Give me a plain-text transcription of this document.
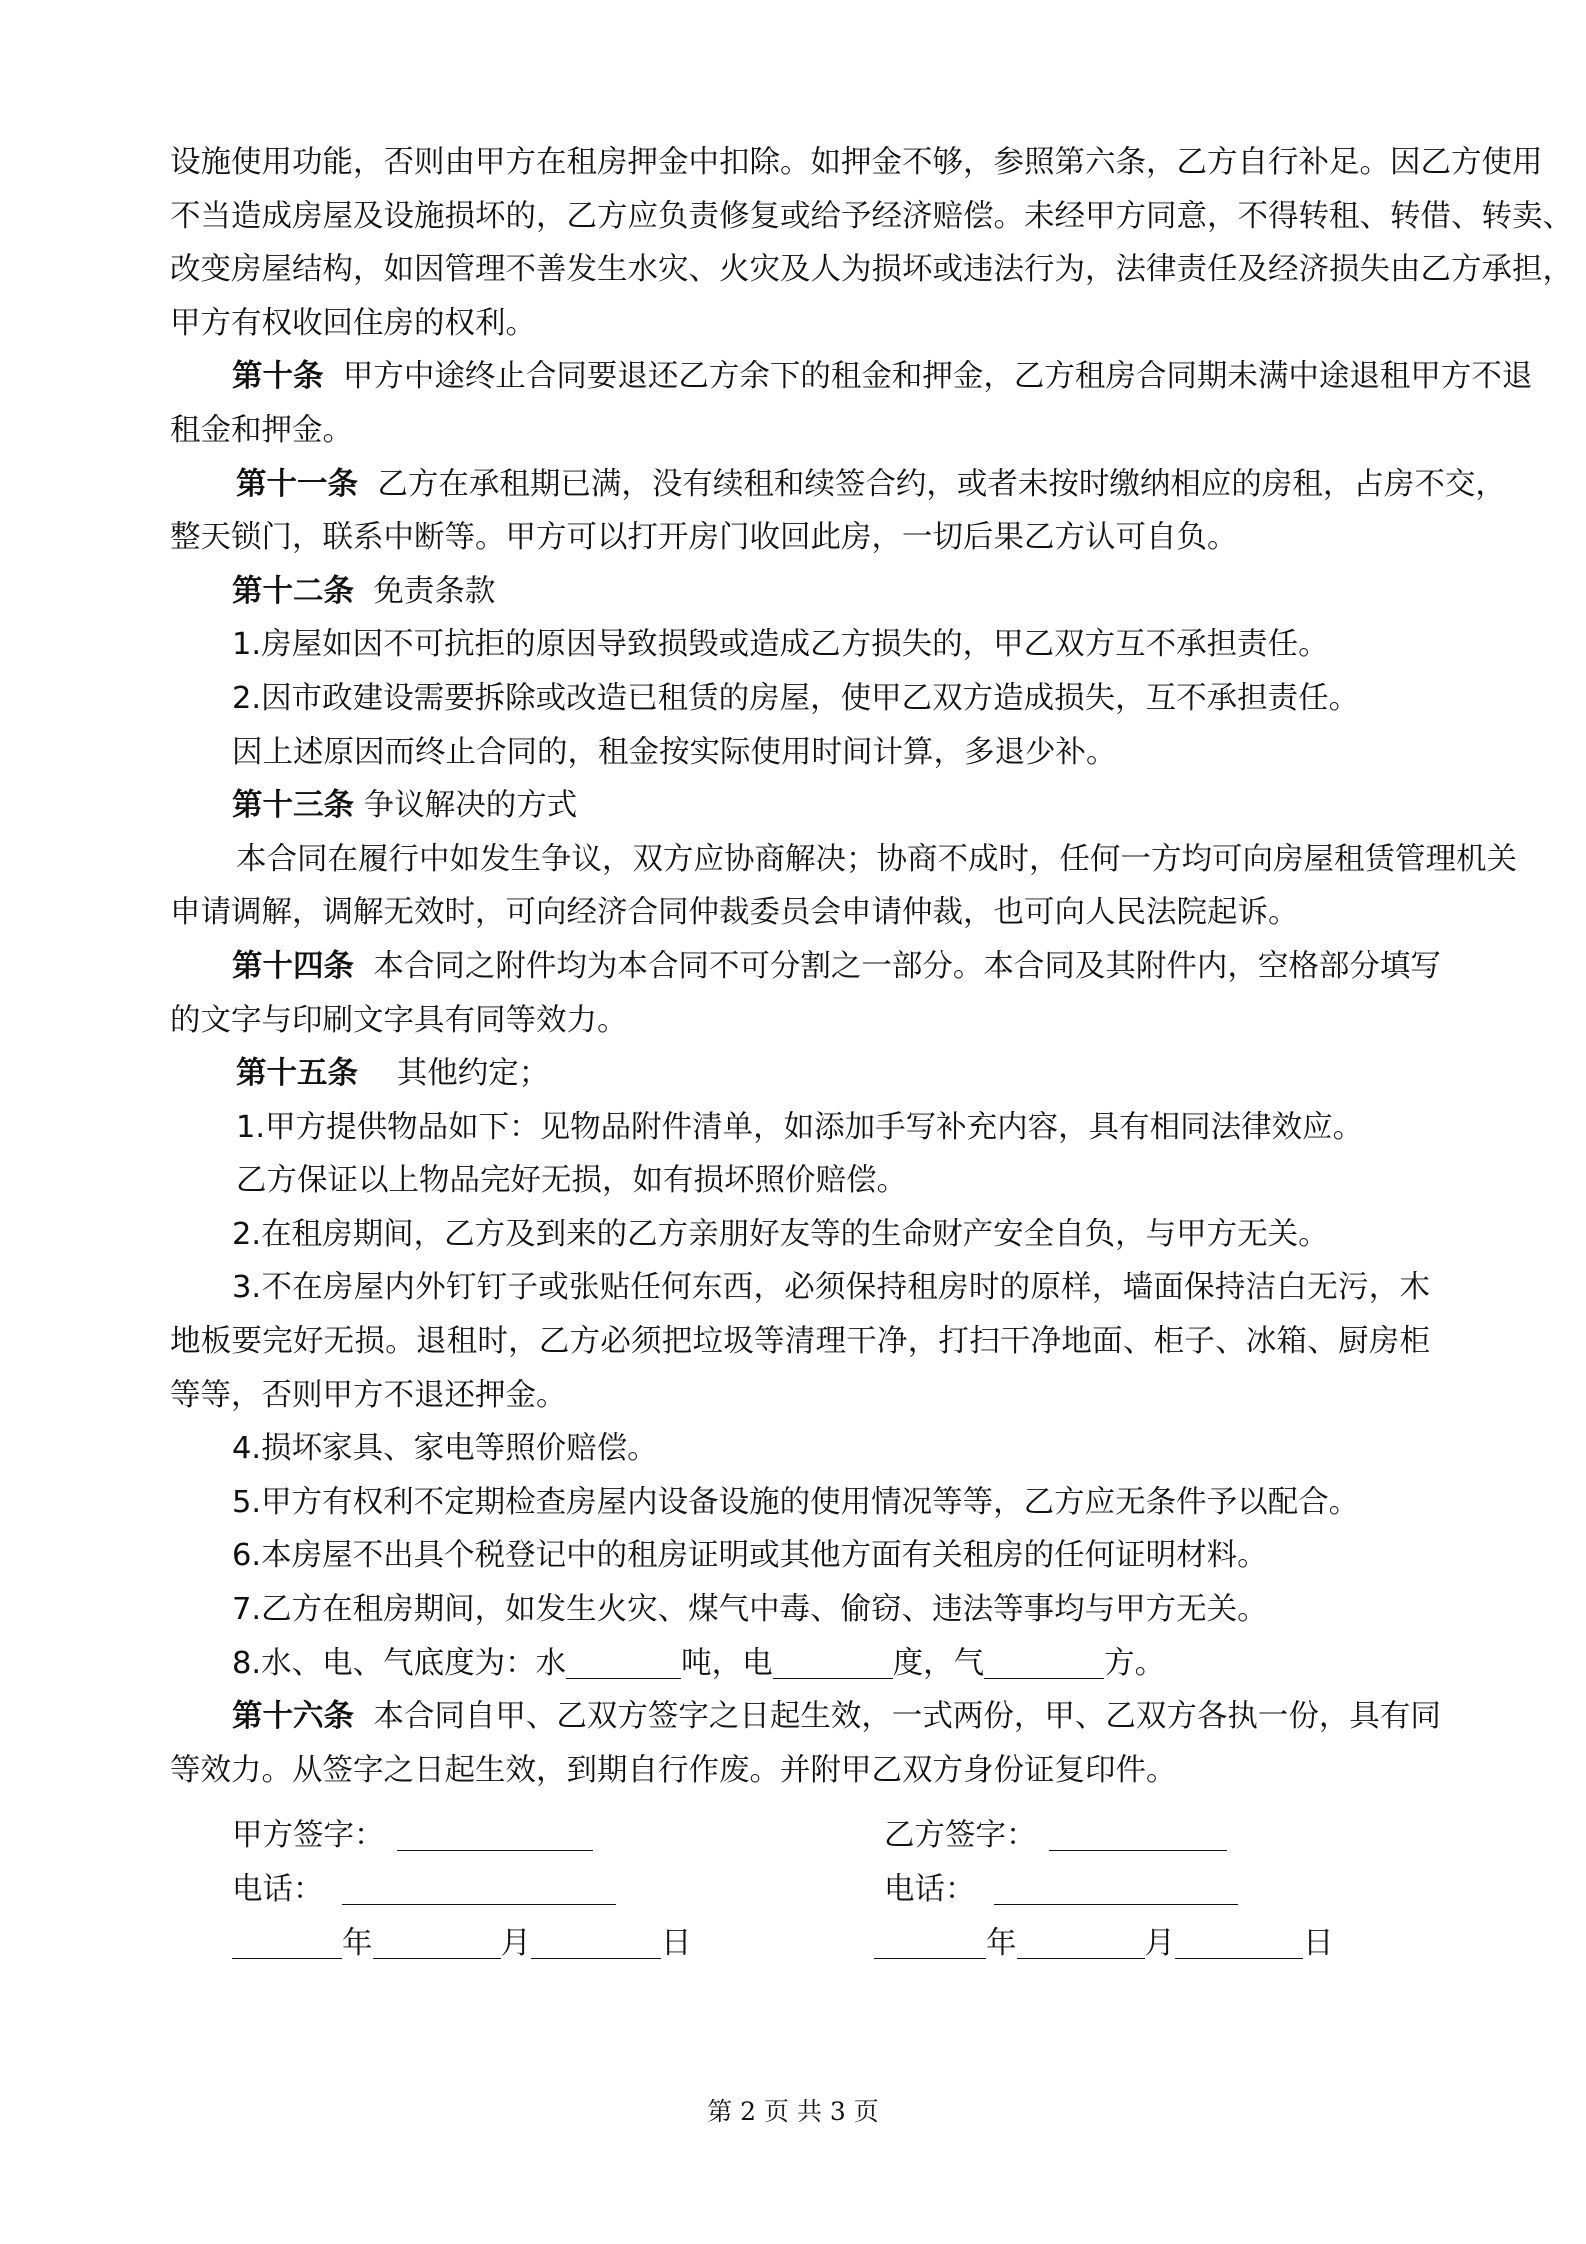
设施使用功能，否则由甲方在租房押金中扣除。如押金不够，参照第六条，乙方自行补足。因乙方使用
不当造成房屋及设施损坏的，乙方应负责修复或给予经济赔偿。未经甲方同意，不得转租、转借、转卖、
改变房屋结构，如因管理不善发生水灾、火灾及人为损坏或违法行为，法律责任及经济损失由乙方承担，
甲方有权收回住房的权利。
第十条 甲方中途终止合同要退还乙方余下的租金和押金，乙方租房合同期未满中途退租甲方不退
租金和押金。
第十一条 乙方在承租期已满，没有续租和续签合约，或者未按时缴纳相应的房租，占房不交，
整天锁门，联系中断等。甲方可以打开房门收回此房，一切后果乙方认可自负。
第十二条 免责条款
1.房屋如因不可抗拒的原因导致损毁或造成乙方损失的，甲乙双方互不承担责任。
2.因市政建设需要拆除或改造已租赁的房屋，使甲乙双方造成损失，互不承担责任。
因上述原因而终止合同的，租金按实际使用时间计算，多退少补。
第十三条 争议解决的方式
本合同在履行中如发生争议，双方应协商解决；协商不成时，任何一方均可向房屋租赁管理机关
申请调解，调解无效时，可向经济合同仲裁委员会申请仲裁，也可向人民法院起诉。
第十四条 本合同之附件均为本合同不可分割之一部分。本合同及其附件内，空格部分填写
的文字与印刷文字具有同等效力。
第十五条 其他约定；
1.甲方提供物品如下：见物品附件清单，如添加手写补充内容，具有相同法律效应。
乙方保证以上物品完好无损，如有损坏照价赔偿。
2.在租房期间，乙方及到来的乙方亲朋好友等的生命财产安全自负，与甲方无关。
3.不在房屋内外钉钉子或张贴任何东西，必须保持租房时的原样，墙面保持洁白无污，木地板要完好无损。退租时，乙方必须把垃圾等清理干净，打扫干净地面、柜子、冰箱、厨房柜等等，否则甲方不退还押金。
4.损坏家具、家电等照价赔偿。
5.甲方有权利不定期检查房屋内设备设施的使用情况等等，乙方应无条件予以配合。
6.本房屋不出具个税登记中的租房证明或其他方面有关租房的任何证明材料。
7.乙方在租房期间，如发生火灾、煤气中毒、偷窃、违法等事均与甲方无关。
8.水、电、气底度为：水	吨，电	度，气	方。
第十六条 本合同自甲、乙双方签字之日起生效，一式两份，甲、乙双方各执一份，具有同
等效力。从签字之日起生效，到期自行作废。并附甲乙双方身份证复印件。
甲方签字：	乙方签字：
电话：	电话：
年	月	日	年	月	日
第 2 页 共 3 页
